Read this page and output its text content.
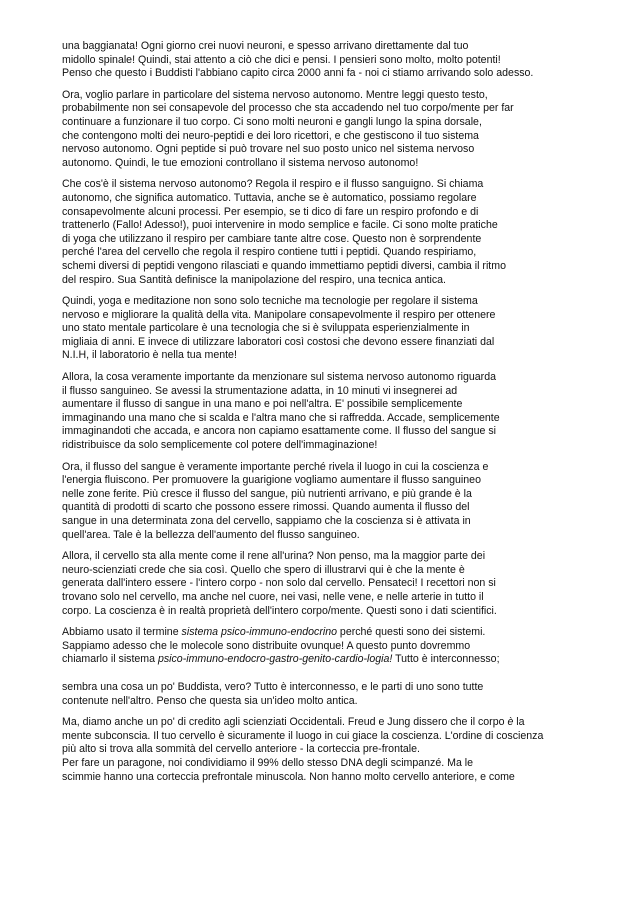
una baggianata! Ogni giorno crei nuovi neuroni, e spesso arrivano direttamente dal tuo
midollo spinale! Quindi, stai attento a ciò che dici e pensi. I pensieri sono molto, molto potenti!
Penso che questo i Buddisti l'abbiano capito circa 2000 anni fa - noi ci stiamo arrivando solo adesso.

Ora, voglio parlare in particolare del sistema nervoso autonomo. Mentre leggi questo testo,
probabilmente non sei consapevole del processo che sta accadendo nel tuo corpo/mente per far
continuare a funzionare il tuo corpo. Ci sono molti neuroni e gangli lungo la spina dorsale,
che contengono molti dei neuro-peptidi e dei loro ricettori, e che gestiscono il tuo sistema
nervoso autonomo. Ogni peptide si può trovare nel suo posto unico nel sistema nervoso
autonomo. Quindi, le tue emozioni controllano il sistema nervoso autonomo!

Che cos'è il sistema nervoso autonomo? Regola il respiro e il flusso sanguigno. Si chiama
autonomo, che significa automatico. Tuttavia, anche se è automatico, possiamo regolare
consapevolmente alcuni processi. Per esempio, se ti dico di fare un respiro profondo e di
trattenerlo (Fallo! Adesso!), puoi intervenire in modo semplice e facile. Ci sono molte pratiche
di yoga che utilizzano il respiro per cambiare tante altre cose. Questo non è sorprendente
perché l'area del cervello che regola il respiro contiene tutti i peptidi. Quando respiriamo,
schemi diversi di peptidi vengono rilasciati e quando immettiamo peptidi diversi, cambia il ritmo
del respiro. Sua Santità definisce la manipolazione del respiro, una tecnica antica.

Quindi, yoga e meditazione non sono solo tecniche ma tecnologie per regolare il sistema
nervoso e migliorare la qualità della vita. Manipolare consapevolmente il respiro per ottenere
uno stato mentale particolare è una tecnologia che si è sviluppata esperienzialmente in
migliaia di anni. E invece di utilizzare laboratori così costosi che devono essere finanziati dal
N.I.H, il laboratorio è nella tua mente!

Allora, la cosa veramente importante da menzionare sul sistema nervoso autonomo riguarda
il flusso sanguineo. Se avessi la strumentazione adatta, in 10 minuti vi insegnerei ad
aumentare il flusso di sangue in una mano e poi nell'altra. E' possibile semplicemente
immaginando una mano che si scalda e l'altra mano che si raffredda. Accade, semplicemente
immaginandoti che accada, e ancora non capiamo esattamente come. Il flusso del sangue si
ridistribuisce da solo semplicemente col potere dell'immaginazione!

Ora, il flusso del sangue è veramente importante perché rivela il luogo in cui la coscienza e
l'energia fluiscono. Per promuovere la guarigione vogliamo aumentare il flusso sanguineo
nelle zone ferite. Più cresce il flusso del sangue, più nutrienti arrivano, e più grande è la
quantità di prodotti di scarto che possono essere rimossi. Quando aumenta il flusso del
sangue in una determinata zona del cervello, sappiamo che la coscienza si è attivata in
quell'area. Tale è la bellezza dell'aumento del flusso sanguineo.

Allora, il cervello sta alla mente come il rene all'urina? Non penso, ma la maggior parte dei
neuro-scienziati crede che sia così. Quello che spero di illustrarvi qui è che la mente è
generata dall'intero essere - l'intero corpo - non solo dal cervello. Pensateci! I recettori non si
trovano solo nel cervello, ma anche nel cuore, nei vasi, nelle vene, e nelle arterie in tutto il
corpo. La coscienza è in realtà proprietà dell'intero corpo/mente. Questi sono i dati scientifici.

Abbiamo usato il termine sistema psico-immuno-endocrino perché questi sono dei sistemi.
Sappiamo adesso che le molecole sono distribuite ovunque! A questo punto dovremmo
chiamarlo il sistema psico-immuno-endocro-gastro-genito-cardio-logia! Tutto è interconnesso;

sembra una cosa un po' Buddista, vero? Tutto è interconnesso, e le parti di uno sono tutte
contenute nell'altro. Penso che questa sia un'ideo molto antica.

Ma, diamo anche un po' di credito agli scienziati Occidentali. Freud e Jung dissero che il corpo è la
mente subconscia. Il tuo cervello è sicuramente il luogo in cui giace la coscienza. L'ordine di coscienza
più alto si trova alla sommità del cervello anteriore - la corteccia pre-frontale.
Per fare un paragone, noi condividiamo il 99% dello stesso DNA degli scimpanzé. Ma le
scimmie hanno una corteccia prefrontale minuscola. Non hanno molto cervello anteriore, e come
